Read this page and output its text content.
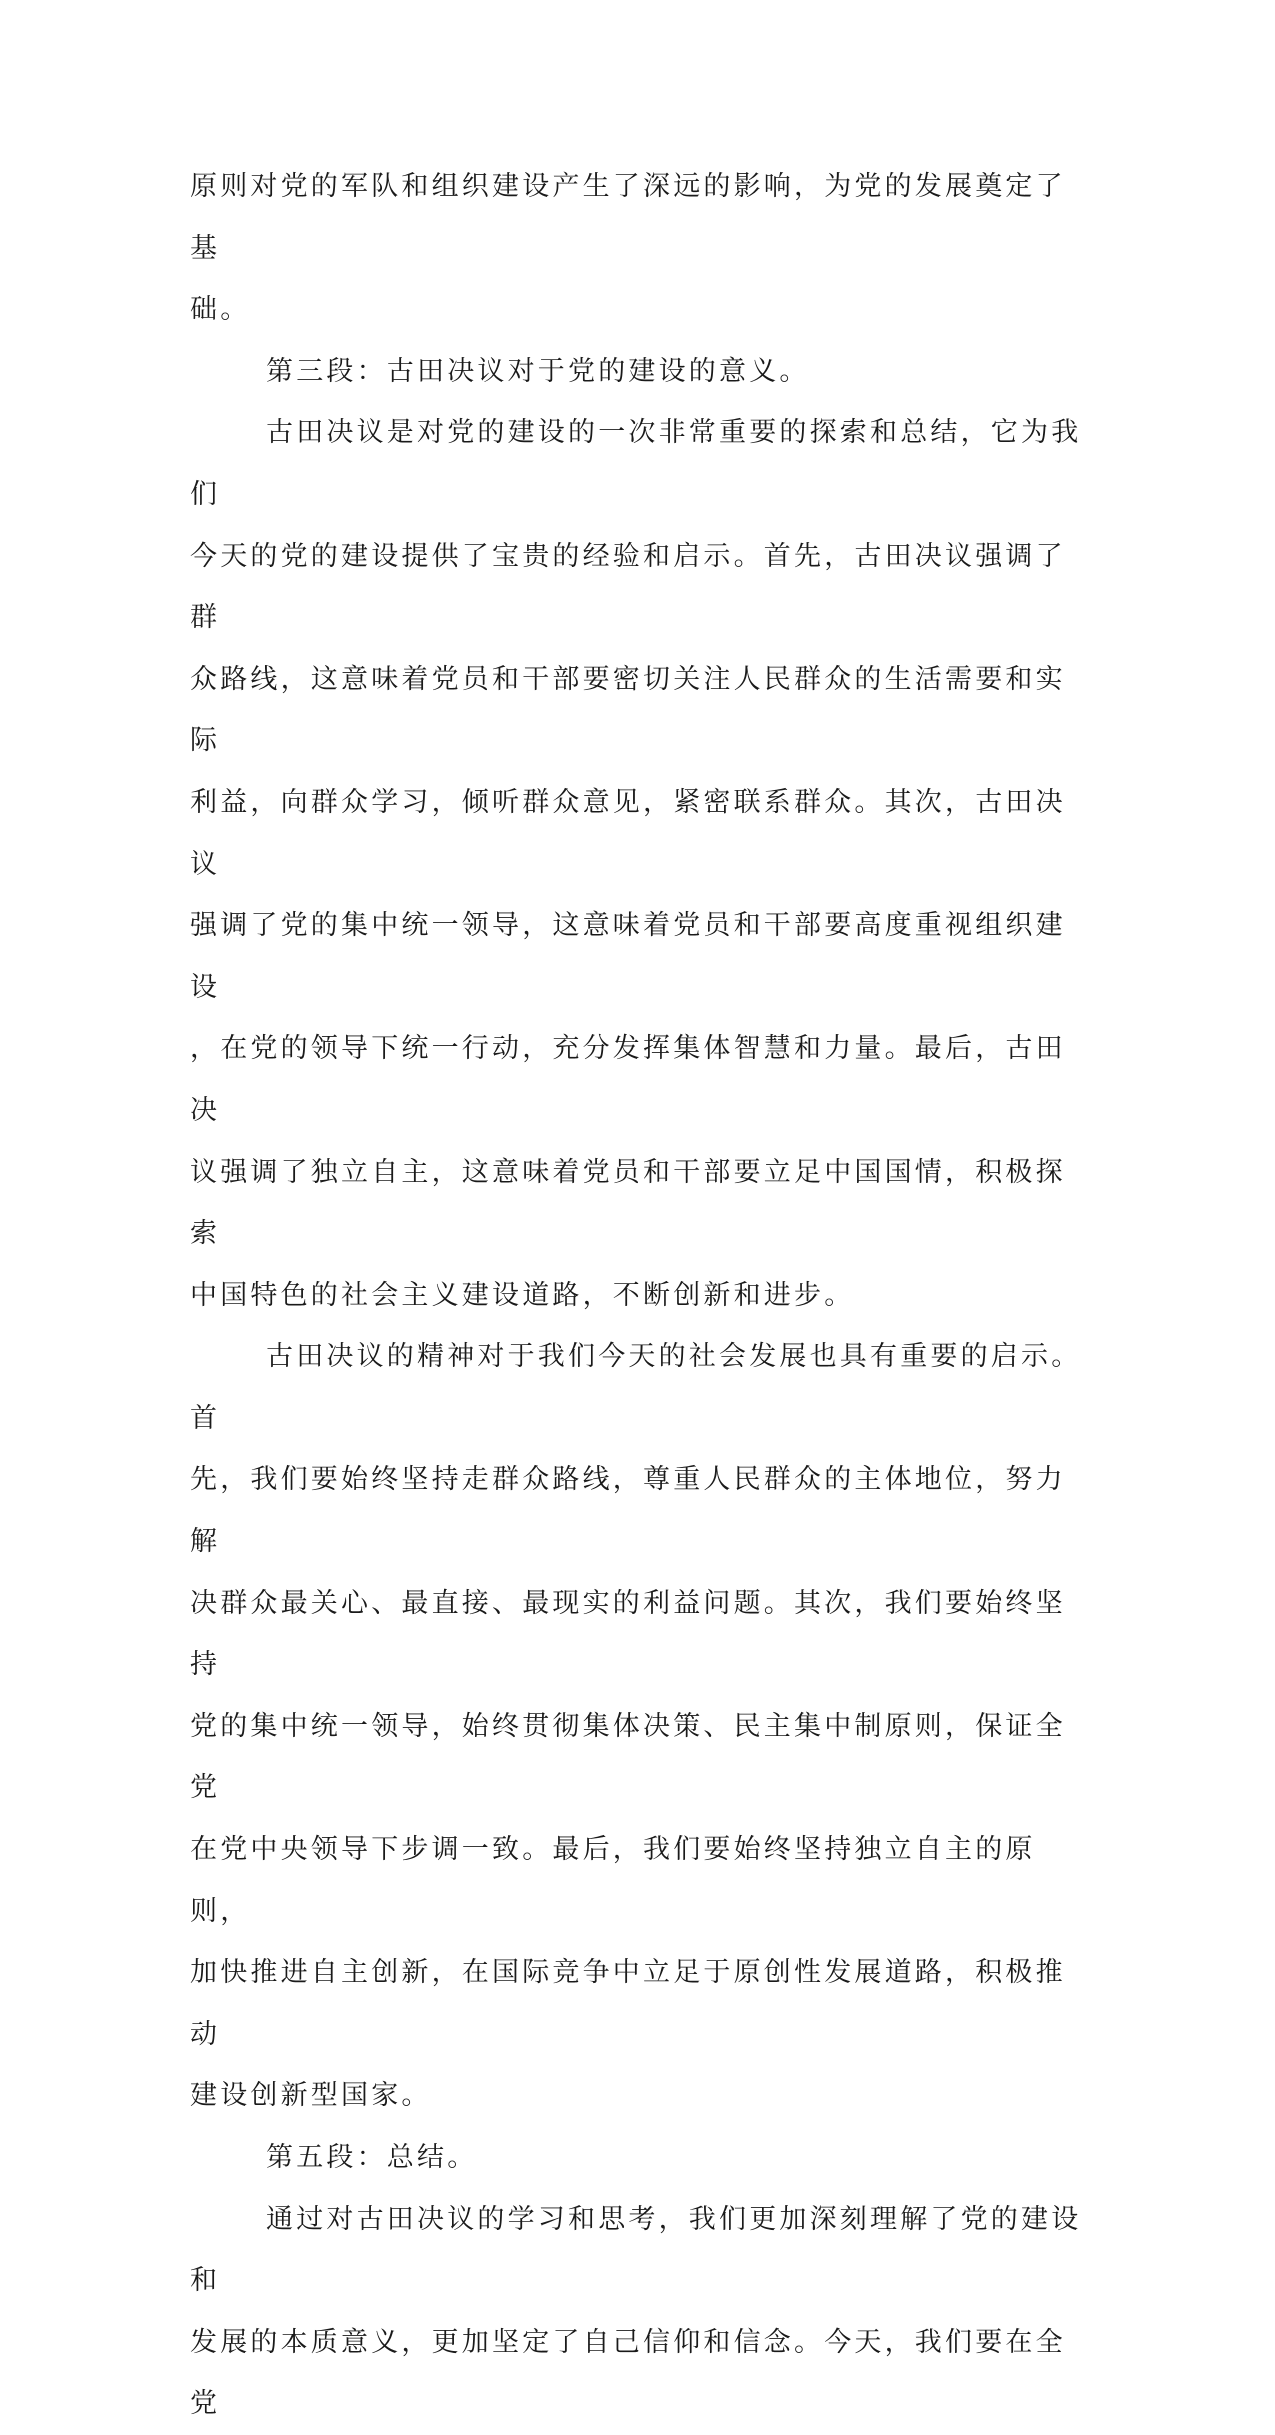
原则对党的军队和组织建设产生了深远的影响，为党的发展奠定了基
础。

第三段：古田决议对于党的建设的意义。

古田决议是对党的建设的一次非常重要的探索和总结，它为我们
今天的党的建设提供了宝贵的经验和启示。首先，古田决议强调了群
众路线，这意味着党员和干部要密切关注人民群众的生活需要和实际
利益，向群众学习，倾听群众意见，紧密联系群众。其次，古田决议
强调了党的集中统一领导，这意味着党员和干部要高度重视组织建设
，在党的领导下统一行动，充分发挥集体智慧和力量。最后，古田决
议强调了独立自主，这意味着党员和干部要立足中国国情，积极探索
中国特色的社会主义建设道路，不断创新和进步。

古田决议的精神对于我们今天的社会发展也具有重要的启示。首
先，我们要始终坚持走群众路线，尊重人民群众的主体地位，努力解
决群众最关心、最直接、最现实的利益问题。其次，我们要始终坚持
党的集中统一领导，始终贯彻集体决策、民主集中制原则，保证全党
在党中央领导下步调一致。最后，我们要始终坚持独立自主的原则，
加快推进自主创新，在国际竞争中立足于原创性发展道路，积极推动
建设创新型国家。

第五段：总结。

通过对古田决议的学习和思考，我们更加深刻理解了党的建设和
发展的本质意义，更加坚定了自己信仰和信念。今天，我们要在全党
